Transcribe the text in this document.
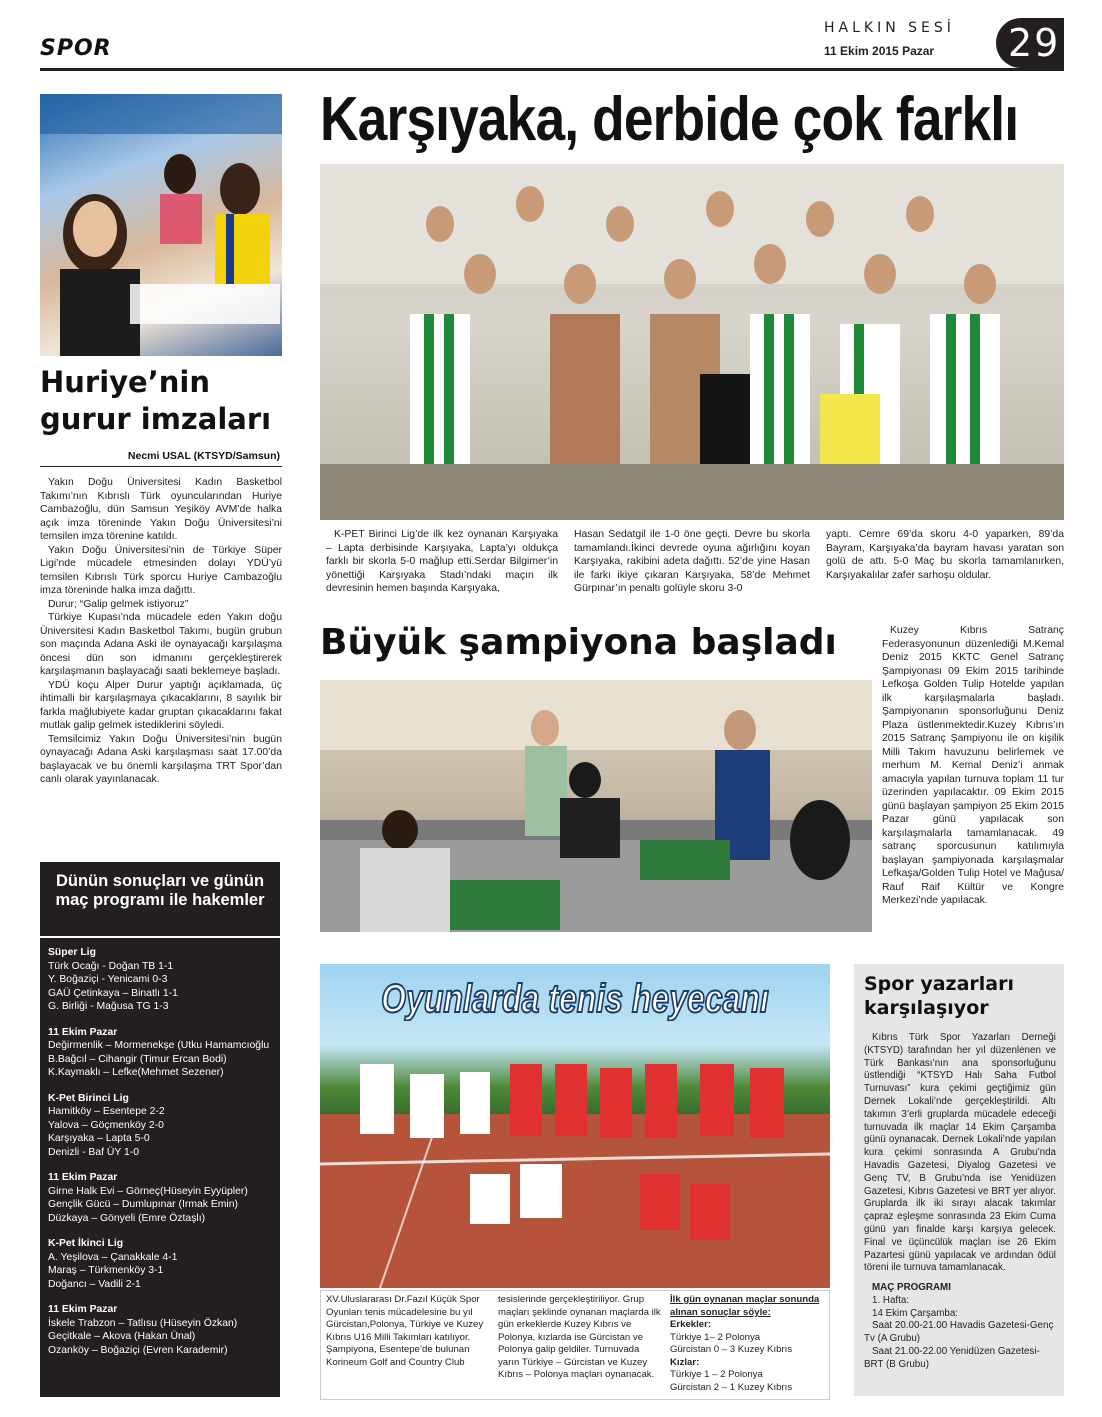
SPOR
HALKIN SESİ
11 Ekim 2015 Pazar 29
Huriye’nin
gurur imzaları
Necmi USAL (KTSYD/Samsun)

Yakın Doğu Üniversitesi Kadın Basketbol Takımı’nın Kıbrıslı Türk oyuncularından Huriye Cambazoğlu, dün Samsun Yeşiköy AVM’de halka açık imza töreninde Yakın Doğu Üniversitesi’ni temsilen imza törenine katıldı.

Yakın Doğu Üniversitesi’nin de Türkiye Süper Ligi’nde mücadele etmesinden dolayı YDÜ’yü temsilen Kıbrıslı Türk sporcu Huriye Cambazoğlu imza töreninde halka imza dağıttı.

Durur; “Galip gelmek istiyoruz”

Türkiye Kupası’nda mücadele eden Yakın doğu Üniversitesi Kadın Basketbol Takımı, bugün grubun son maçında Adana Aski ile oynayacağı karşılaşma öncesi dün son idmanını gerçekleştirerek karşılaşmanın başlayacağı saati beklemeye başladı.

YDÜ koçu Alper Durur yaptığı açıklamada, üç ihtimalli bir karşılaşmaya çıkacaklarını, 8 sayılık bir farkla mağlubiyete kadar gruptan çıkacaklarını fakat mutlak galip gelmek istediklerini söyledi.

Temsilcimiz Yakın Doğu Üniversitesi’nin bugün oynayacağı Adana Aski karşılaşması saat 17.00’da başlayacak ve bu önemli karşılaşma TRT Spor’dan canlı olarak yayınlanacak.

Dünün sonuçları ve günün maç programı ile hakemler
Süper Lig
Türk Ocağı - Doğan TB 1-1
Y. Boğaziçi - Yenicami 0-3
GAÜ Çetinkaya – Binatlı 1-1
G. Birliği - Mağusa TG 1-3
11 Ekim Pazar
Değirmenlik – Mormenekşe (Utku Hamamcıoğlu
B.Bağcıl – Cihangir (Timur Ercan Bodi)
K.Kaymaklı – Lefke(Mehmet Sezener)
K-Pet Birinci Lig
Hamitköy – Esentepe 2-2
Yalova – Göçmenköy 2-0
Karşıyaka – Lapta 5-0
Denizli - Baf ÜY 1-0
11 Ekim Pazar
Girne Halk Evi – Görneç(Hüseyin Eyyüpler)
Gençlik Gücü – Dumlupınar (Irmak Emin)
Düzkaya – Gönyeli (Emre Öztaşlı)
K-Pet İkinci Lig
A. Yeşilova – Çanakkale 4-1
Maraş – Türkmenköy 3-1
Doğancı – Vadili 2-1
11 Ekim Pazar
İskele Trabzon – Tatlısu (Hüseyin Özkan)
Geçitkale – Akova (Hakan Ünal)
Ozanköy – Boğaziçi (Evren Karademir)
Karşıyaka, derbide çok farklı
K-PET Birinci Lig’de ilk kez oynanan Karşıyaka – Lapta derbisinde Karşıyaka, Lapta’yı oldukça farklı bir skorla 5-0 mağlup etti.Serdar Bilgimer’in yönettiği Karşıyaka Stadı’ndaki maçın ilk devresinin hemen başında Karşıyaka,
Hasan Sedatgil ile 1-0 öne geçti. Devre bu skorla tamamlandı.İkinci devrede oyuna ağırlığını koyan Karşıyaka, rakibini adeta dağıttı. 52’de yine Hasan ile farkı ikiye çıkaran Karşıyaka, 58’de Mehmet Gürpınar’ın penaltı golüyle skoru 3-0
yaptı. Cemre 69’da skoru 4-0 yaparken, 89’da Bayram, Karşıyaka’da bayram havası yaratan son golü de attı. 5-0 Maç bu skorla tamamlanırken, Karşıyakalılar zafer sarhoşu oldular.
Büyük şampiyona başladı	Kuzey Kıbrıs Satranç Federasyonunun düzenlediği M.Kemal Deniz 2015 KKTC Genel Satranç Şampiyonası 09 Ekim 2015 tarihinde Lefkoşa Golden Tulip Hotelde yapılan ilk karşılaşmalarla başladı. Şampiyonanın sponsorluğunu Deniz Plaza üstlenmektedir.Kuzey Kıbrıs’ın 2015 Satranç Şampiyonu ile on kişilik Milli Takım havuzunu belirlemek ve merhum M. Kemal Deniz’i anmak amacıyla yapılan turnuva toplam 11 tur üzerinden yapılacaktır. 09 Ekim 2015 günü başlayan şampiyon 25 Ekim 2015 Pazar günü yapılacak son karşılaşmalarla tamamlanacak. 49 satranç sporcusunun katılımıyla başlayan şampiyonada karşılaşmalar Lefkaşa/Golden Tulip Hotel ve Mağusa/ Rauf Raif Kültür ve Kongre Merkezi’nde yapılacak.
Oyunlarda tenis heyecanı
XV.Uluslararası Dr.Fazıl Küçük Spor Oyunları tenis mücadelesine bu yıl Gürcistan,Polonya, Türkiye ve Kuzey Kıbrıs U16 Milli Takımları katılıyor. Şampiyona, Esentepe’de bulunan Korineum Golf and Country Club
tesislerinde gerçekleştiriliyor. Grup maçları şeklinde oynanan maçlarda ilk gün erkeklerde Kuzey Kıbrıs ve Polonya, kızlarda ise Gürcistan ve Polonya galip geldiler. Turnuvada yarın Türkiye – Gürcistan ve Kuzey Kıbrıs – Polonya maçları oynanacak.
İlk gün oynanan maçlar sonunda alınan sonuçlar söyle:
Erkekler:
Türkiye 1– 2 Polonya
Gürcistan 0 – 3 Kuzey Kıbrıs
Kızlar:
Türkiye 1 – 2 Polonya
Gürcistan 2 – 1 Kuzey Kıbrıs
Spor yazarları karşılaşıyor
Kıbrıs Türk Spor Yazarları Derneği (KTSYD) tarafından her yıl düzenlenen ve Türk Bankası’nın ana sponsorluğunu üstlendiği “KTSYD Halı Saha Futbol Turnuvası” kura çekimi geçtiğimiz gün Dernek Lokali’nde gerçekleştirildi. Altı takımın 3’erli gruplarda mücadele edeceği turnuvada ilk maçlar 14 Ekim Çarşamba günü oynanacak. Dernek Lokali’nde yapılan kura çekimi sonrasında A Grubu’nda Havadis Gazetesi, Diyalog Gazetesi ve Genç TV, B Grubu’nda ise Yenidüzen Gazetesi, Kıbrıs Gazetesi ve BRT yer alıyor. Gruplarda ilk iki sırayı alacak takımlar çapraz eşleşme sonrasında 23 Ekim Cuma günü yarı finalde karşı karşıya gelecek. Final ve üçüncülük maçları ise 26 Ekim Pazartesi günü yapılacak ve ardından ödül töreni ile turnuva tamamlanacak.
MAÇ PROGRAMI
1. Hafta:
14 Ekim Çarşamba:
Saat 20.00-21.00 Havadis Gazetesi-Genç Tv (A Grubu)
Saat 21.00-22.00 Yenidüzen Gazetesi-BRT (B Grubu)
